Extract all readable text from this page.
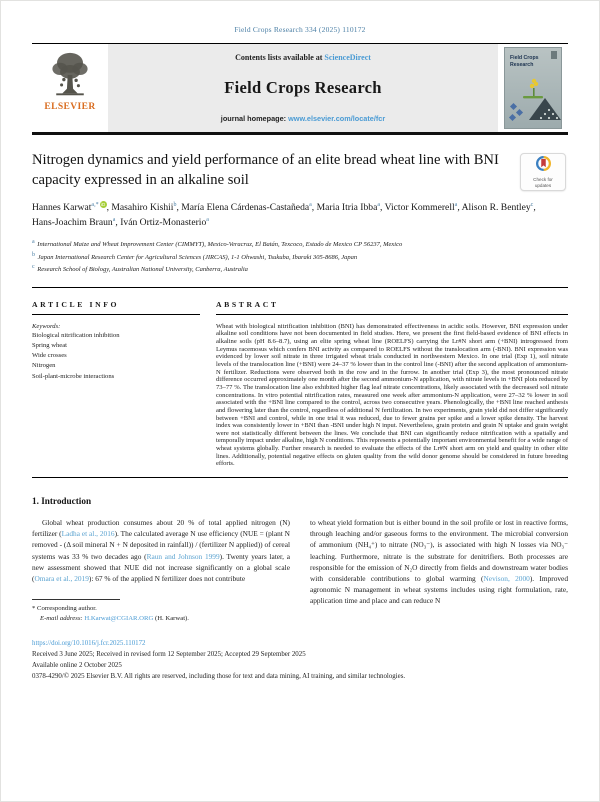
Field Crops Research 334 (2025) 110172
ELSEVIER
Contents lists available at ScienceDirect
Field Crops Research
journal homepage: www.elsevier.com/locate/fcr
Field Crops Research
Nitrogen dynamics and yield performance of an elite bread wheat line with BNI capacity expressed in an alkaline soil	Check for
updates
Hannes Karwat$^{a,*}$ iD , Masahiro Kishii$^b$ , María Elena Cárdenas-Castañeda$^a$ , Maria Itria Ibba$^a$ , Victor Kommerell$^a$ , Alison R. Bentley$^c$ , Hans-Joachim Braun$^a$ , Iván Ortiz-Monasterio$^a$
$^a$ International Maize and Wheat Improvement Center (CIMMYT), Mexico-Veracruz, El Batán, Texcoco, Estado de Mexico CP 56237, Mexico
$^b$ Japan International Research Center for Agricultural Sciences (JIRCAS), 1-1 Ohwashi, Tsukuba, Ibaraki 305-8686, Japan
$^c$ Research School of Biology, Australian National University, Canberra, Australia
ARTICLE INFO
Keywords:
Biological nitrification inhibition
Spring wheat
Wide crosses
Nitrogen
Soil-plant-microbe interactions
ABSTRACT
Wheat with biological nitrification inhibition (BNI) has demonstrated effectiveness in acidic soils. However, BNI expression under alkaline soil conditions have not been documented in field studies. Here, we present the first field-based evidence of BNI effects in alkaline soils (pH 8.6–8.7), using an elite spring wheat line (ROELFS) carrying the Lr#N short arm (+BNI) introgressed from Leymus racemosus which confers BNI activity as compared to ROELFS without the translocation arm (-BNI). BNI expression was evidenced by lower soil nitrate in three irrigated wheat trials conducted in northwestern Mexico. In one trial (Exp 1), soil nitrate levels of the translocation line (+BNI) were 24–37 % lower than in the control line (-BNI) after the second application of ammonium-N fertilizer. Reductions were observed both in the row and in the furrow. In another trial (Exp 3), the most pronounced nitrate difference occurred approximately one month after the second ammonium-N application, with nitrate levels in +BNI plots reduced by 73–77 %. The translocation line also exhibited higher flag leaf nitrate concentrations, likely associated with the decreased soil nitrate concentrations. In vitro potential nitrification rates, measured one week after ammonium-N application, were 27–32 % lower in soil associated with the +BNI line compared to the control, across two consecutive years. Phenologically, the +BNI line reached anthesis and flowering later than the control, regardless of additional N fertilization. In two experiments, grain yield did not differ significantly between +BNI and control, while in one trial it was reduced, due to fewer grains per spike and a lower spike density. The harvest index was consistently lower in +BNI than -BNI under high N input. Nevertheless, grain protein and grain N uptake and grain weight were not statistically different between the lines. We conclude that BNI can significantly reduce nitrification with a spatially and temporally impact under alkaline, high N conditions. This represents a potentially important environmental benefit for a wide range of wheat systems globally. Further research is needed to evaluate the effects of the Lr#N short arm on yield and quality in other elite lines. Additionally, potential negative effects on gluten quality from the wild donor genome should be considered in future breeding efforts.
1. Introduction

Global wheat production consumes about 20 % of total applied nitrogen (N) fertilizer (Ladha et al., 2016). The calculated average N use efficiency (NUE = (plant N removed - (Δ soil mineral N + N deposited in rainfall)) / (fertilizer N applied)) of cereal systems was 33 % two decades ago (Raun and Johnson 1999). Twenty years later, a new assessment showed that NUE did not increase significantly on a global scale (Omara et al., 2019): 67 % of the applied N fertilizer does not contribute

* Corresponding author.
E-mail address: H.Karwat@CGIAR.ORG (H. Karwat).

to wheat yield formation but is either bound in the soil profile or lost in reactive forms, through leaching and/or gaseous forms to the environment. The microbial conversion of ammonium (NH₄⁺) to nitrate (NO₃⁻), is associated with high N losses via NO₃⁻ leaching. Furthermore, nitrate is the substrate for denitrifiers. Both processes are responsible for the emission of N₂O directly from fields and downstream water bodies with considerable contributions to global warming (Nevison, 2000). Improved agronomic N management in wheat systems includes using right formulation, rate, application time and place and can reduce N

https://doi.org/10.1016/j.fcr.2025.110172
Received 3 June 2025; Received in revised form 12 September 2025; Accepted 29 September 2025
Available online 2 October 2025
0378-4290/© 2025 Elsevier B.V. All rights are reserved, including those for text and data mining, AI training, and similar technologies.
